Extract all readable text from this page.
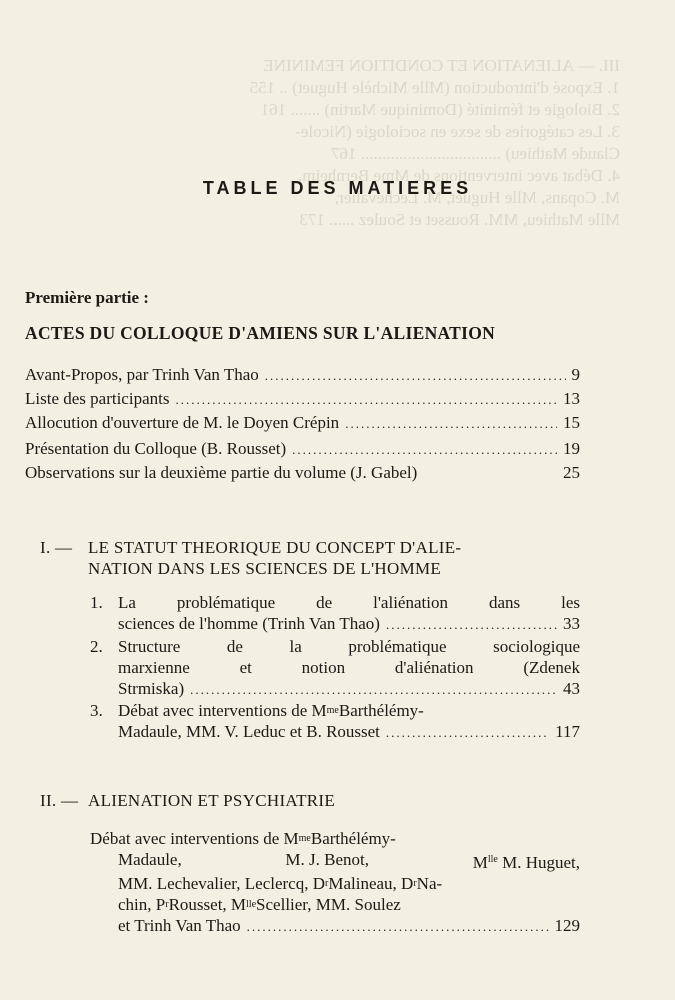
III. — ALIENATION ET CONDITION FEMININE
1. Exposé d'introduction (Mlle Michèle Huguet) .. 155
2. Biologie et féminité (Dominique Martin) ....... 161
3. Les catégories de sexe en sociologie (Nicole-
Claude Mathieu) ................................. 167
4. Débat avec interventions de Mme Bernheim,
M. Copans, Mlle Huguet, M. Lechevalier,
Mlle Mathieu, MM. Rousset et Soulez ...... 173
TABLE DES MATIERES
Première partie :
ACTES DU COLLOQUE D'AMIENS SUR L'ALIENATION
Avant-Propos, par Trinh Van Thao .....	9
Liste des participants .....	13
Allocution d'ouverture de M. le Doyen Crépin .....	15
Présentation du Colloque (B. Rousset) .....	19
Observations sur la deuxième partie du volume (J. Gabel)	25
I. — LE STATUT THEORIQUE DU CONCEPT D'ALIE-
NATION DANS LES SCIENCES DE L'HOMME
1. La problématique de l'aliénation dans les
sciences de l'homme (Trinh Van Thao) .....	33
2. Structure	de	la	problématique	sociologique
marxienne	et	notion	d'aliénation	(Zdenek
Strmiska) .....	43
3. Débat avec interventions de M me Barthélémy-
Madaule, MM. V. Leduc et B. Rousset .....	117
II. — ALIENATION ET PSYCHIATRIE
Débat avec interventions de M me Barthélémy-
Madaule,	M. J. Benot,	$M^{lle}$ M. Huguet,
MM. Lechevalier, Leclercq, D r Malineau, D r Na-
chin, P r Rousset, M lle Scellier, MM. Soulez
et Trinh Van Thao .....	129
